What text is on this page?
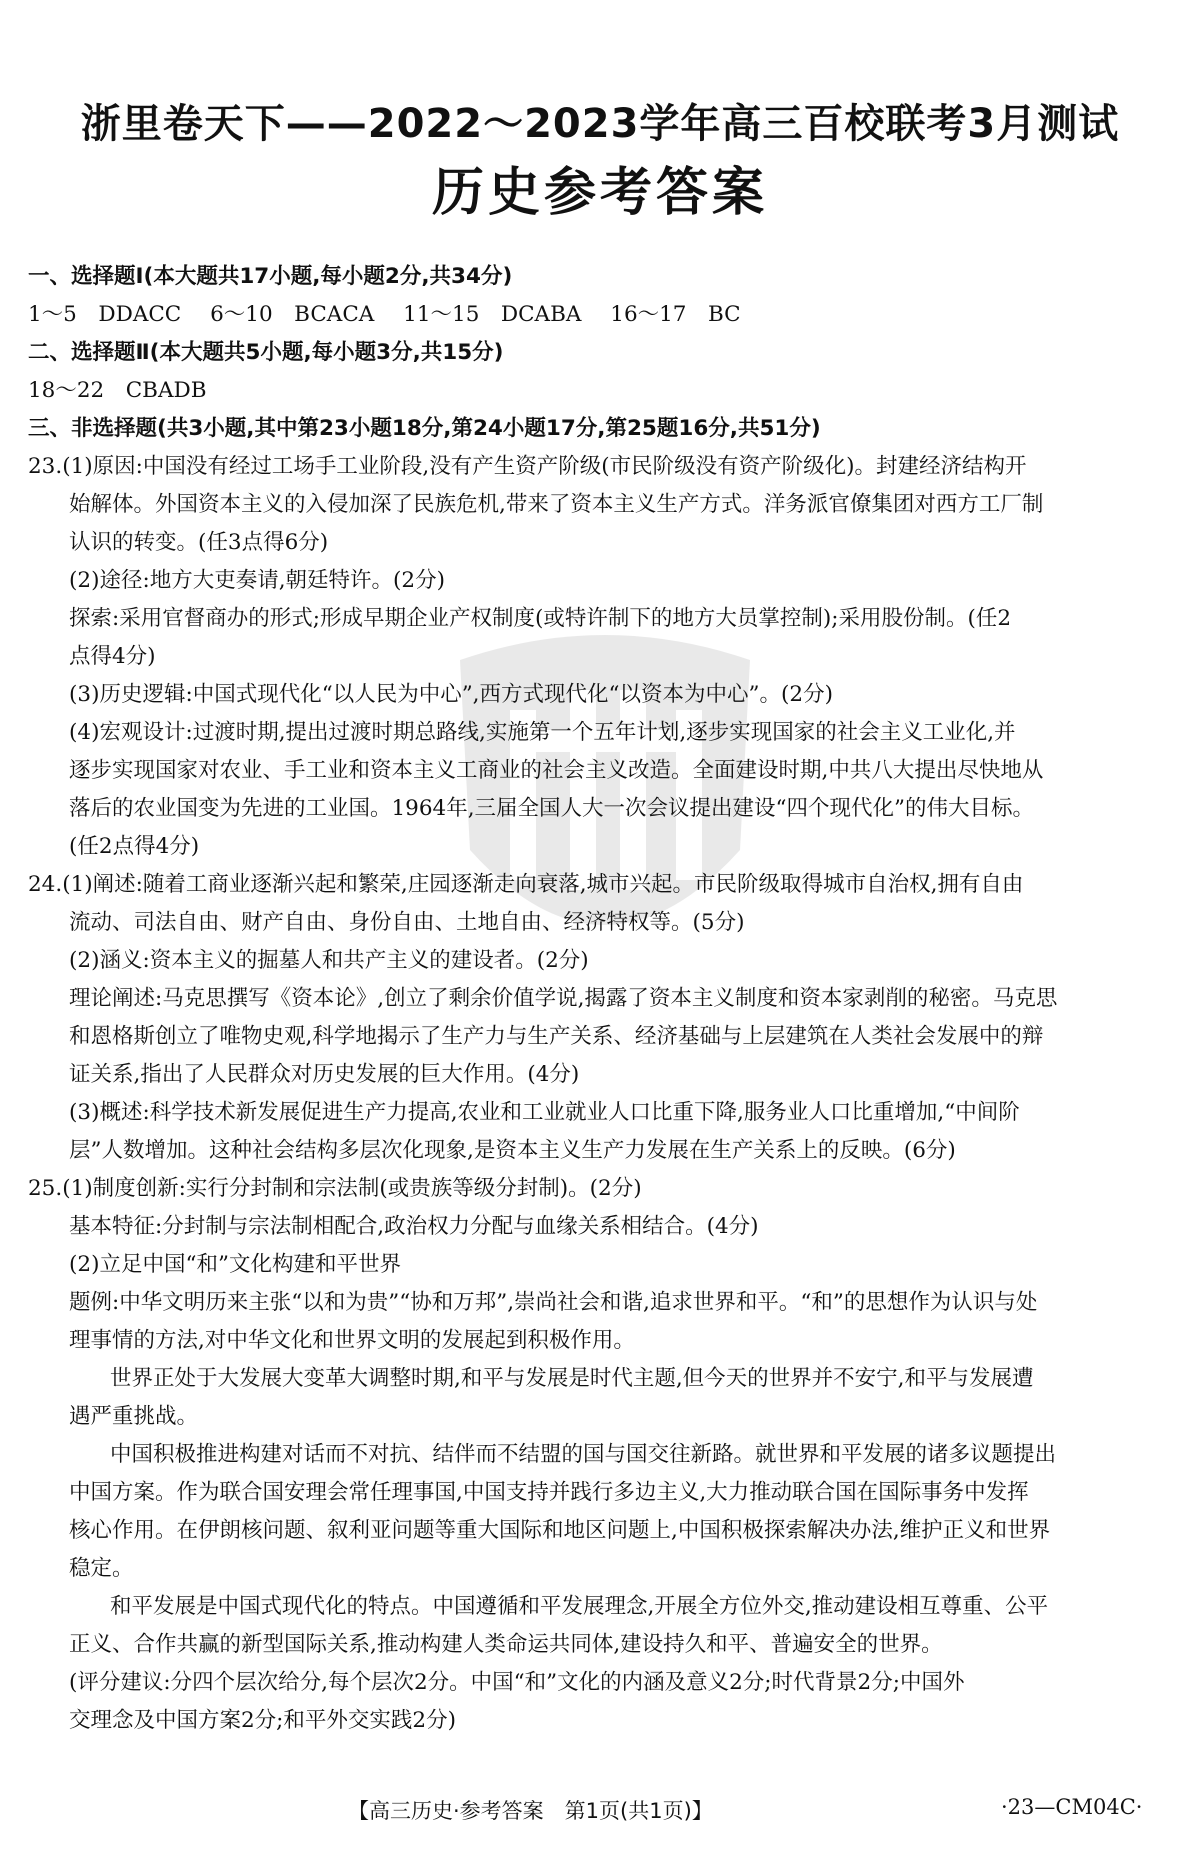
浙里卷天下——2022～2023学年高三百校联考3月测试
历史参考答案
一、选择题Ⅰ(本大题共17小题,每小题2分,共34分)
1～5　DDACC 6～10　BCACA 11～15　DCABA 16～17　BC
二、选择题Ⅱ(本大题共5小题,每小题3分,共15分)
18～22　CBADB
三、非选择题(共3小题,其中第23小题18分,第24小题17分,第25题16分,共51分)
23.(1)原因:中国没有经过工场手工业阶段,没有产生资产阶级(市民阶级没有资产阶级化)。封建经济结构开
始解体。外国资本主义的入侵加深了民族危机,带来了资本主义生产方式。洋务派官僚集团对西方工厂制
认识的转变。(任3点得6分)
(2)途径:地方大吏奏请,朝廷特许。(2分)
探索:采用官督商办的形式;形成早期企业产权制度(或特许制下的地方大员掌控制);采用股份制。(任2
点得4分)
(3)历史逻辑:中国式现代化“以人民为中心”,西方式现代化“以资本为中心”。(2分)
(4)宏观设计:过渡时期,提出过渡时期总路线,实施第一个五年计划,逐步实现国家的社会主义工业化,并
逐步实现国家对农业、手工业和资本主义工商业的社会主义改造。全面建设时期,中共八大提出尽快地从
落后的农业国变为先进的工业国。1964年,三届全国人大一次会议提出建设“四个现代化”的伟大目标。
(任2点得4分)
24.(1)阐述:随着工商业逐渐兴起和繁荣,庄园逐渐走向衰落,城市兴起。市民阶级取得城市自治权,拥有自由
流动、司法自由、财产自由、身份自由、土地自由、经济特权等。(5分)
(2)涵义:资本主义的掘墓人和共产主义的建设者。(2分)
理论阐述:马克思撰写《资本论》,创立了剩余价值学说,揭露了资本主义制度和资本家剥削的秘密。马克思
和恩格斯创立了唯物史观,科学地揭示了生产力与生产关系、经济基础与上层建筑在人类社会发展中的辩
证关系,指出了人民群众对历史发展的巨大作用。(4分)
(3)概述:科学技术新发展促进生产力提高,农业和工业就业人口比重下降,服务业人口比重增加,“中间阶
层”人数增加。这种社会结构多层次化现象,是资本主义生产力发展在生产关系上的反映。(6分)
25.(1)制度创新:实行分封制和宗法制(或贵族等级分封制)。(2分)
基本特征:分封制与宗法制相配合,政治权力分配与血缘关系相结合。(4分)
(2)立足中国“和”文化构建和平世界
题例:中华文明历来主张“以和为贵”“协和万邦”,崇尚社会和谐,追求世界和平。“和”的思想作为认识与处
理事情的方法,对中华文化和世界文明的发展起到积极作用。
世界正处于大发展大变革大调整时期,和平与发展是时代主题,但今天的世界并不安宁,和平与发展遭
遇严重挑战。
中国积极推进构建对话而不对抗、结伴而不结盟的国与国交往新路。就世界和平发展的诸多议题提出
中国方案。作为联合国安理会常任理事国,中国支持并践行多边主义,大力推动联合国在国际事务中发挥
核心作用。在伊朗核问题、叙利亚问题等重大国际和地区问题上,中国积极探索解决办法,维护正义和世界
稳定。
和平发展是中国式现代化的特点。中国遵循和平发展理念,开展全方位外交,推动建设相互尊重、公平
正义、合作共赢的新型国际关系,推动构建人类命运共同体,建设持久和平、普遍安全的世界。
(评分建议:分四个层次给分,每个层次2分。中国“和”文化的内涵及意义2分;时代背景2分;中国外
交理念及中国方案2分;和平外交实践2分)
【高三历史·参考答案　第1页(共1页)】	·23—CM04C·
